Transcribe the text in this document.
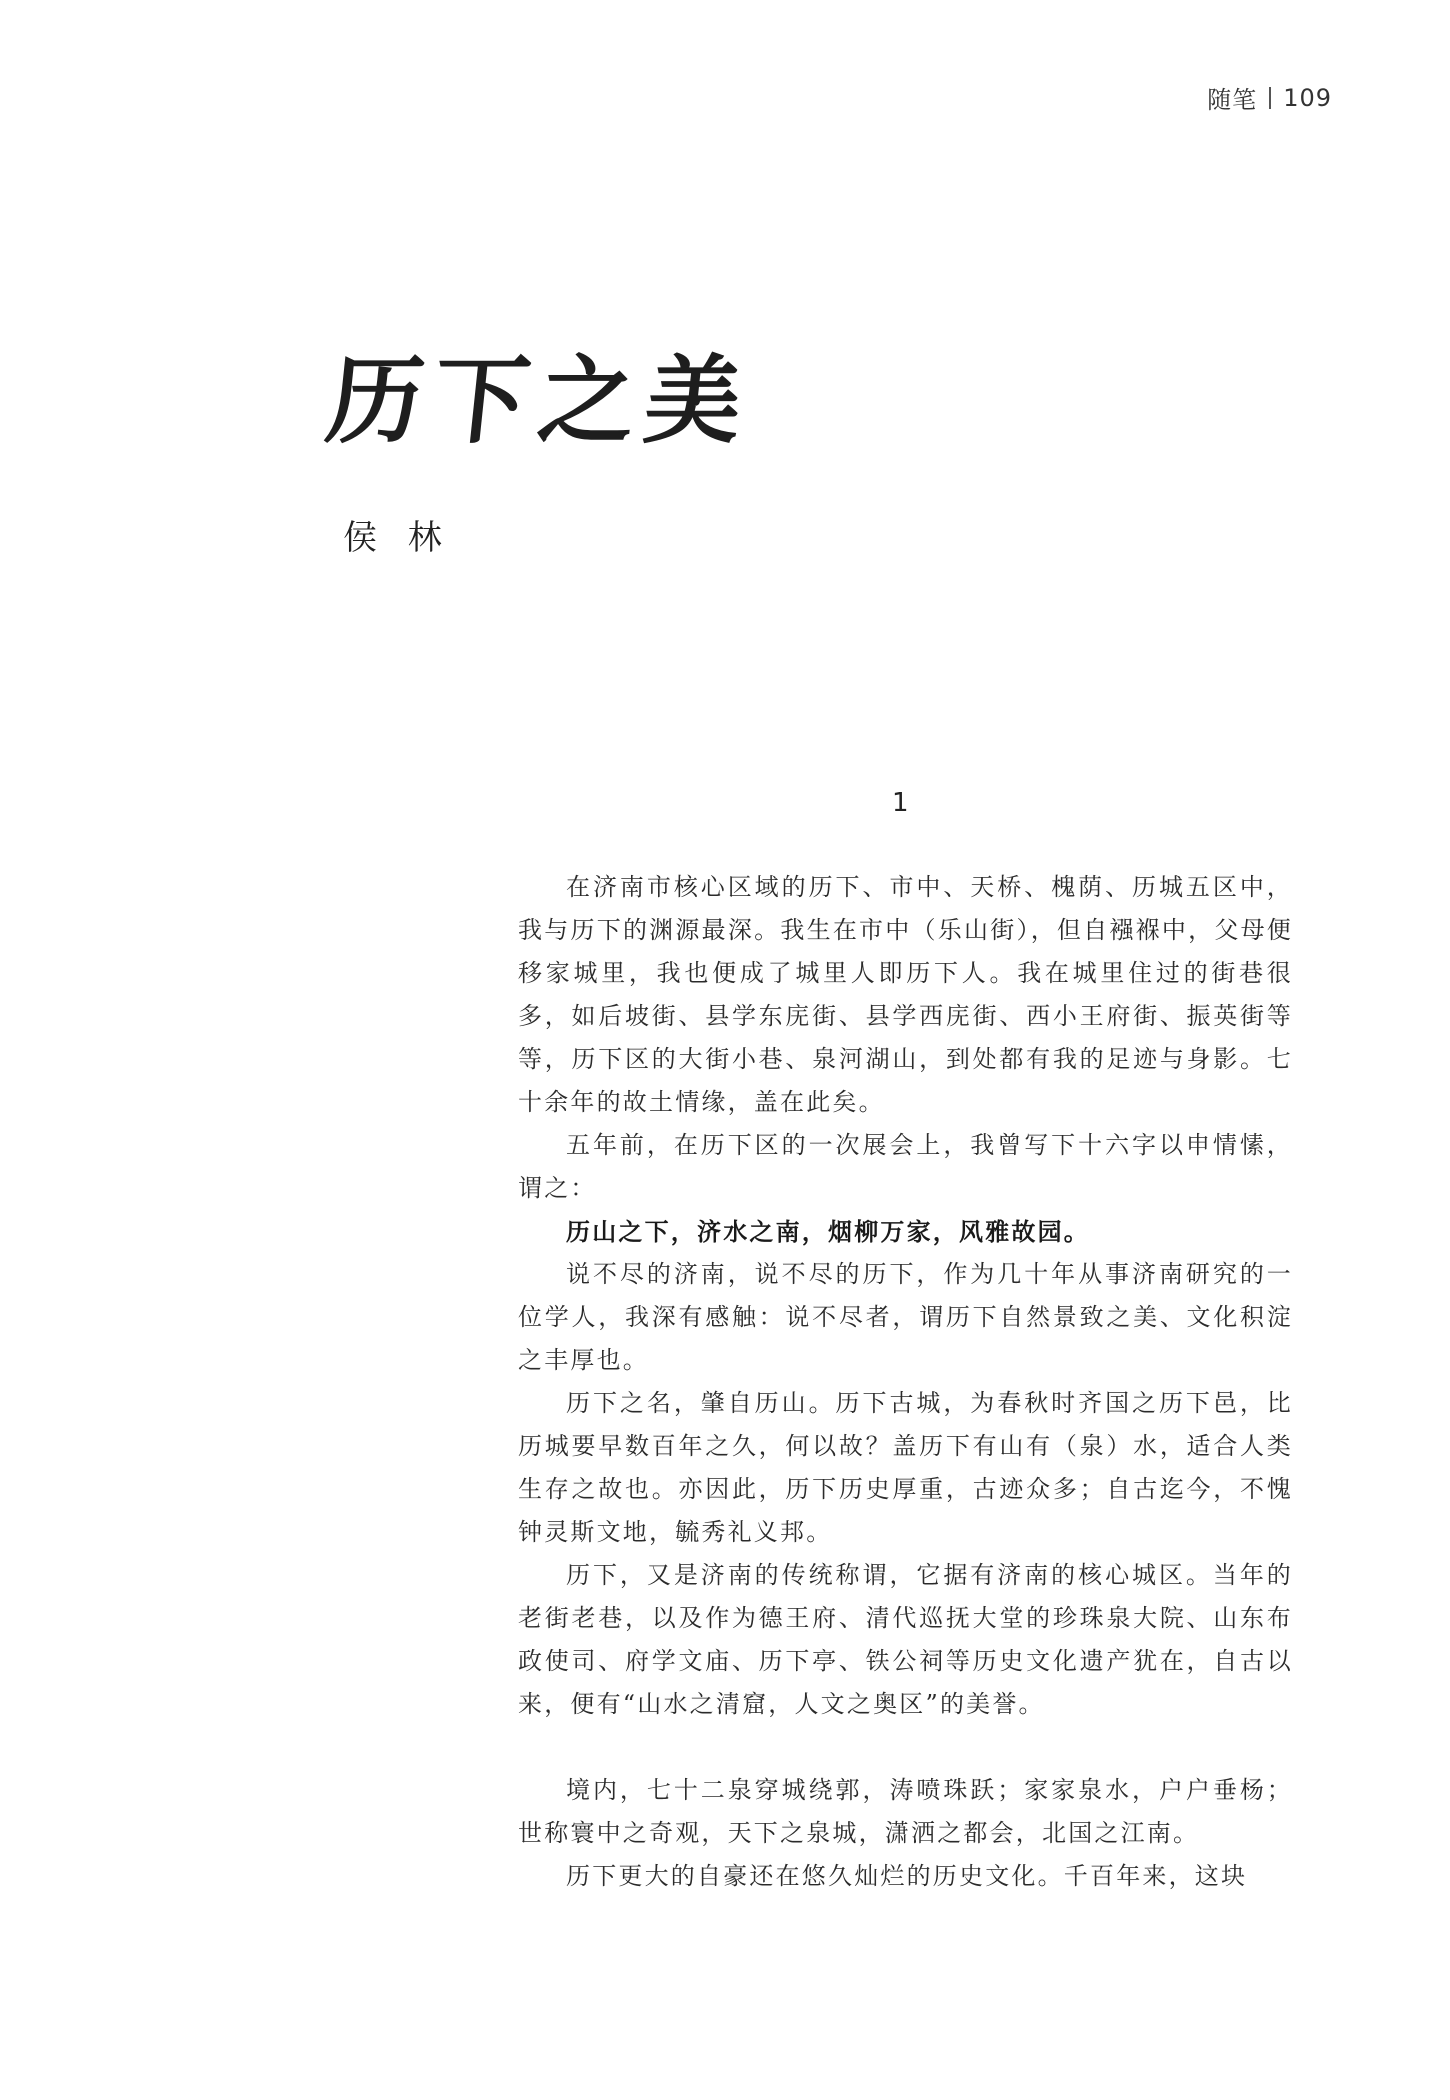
随笔 109
历下之美
侯 林
1

在济南市核心区域的历下、市中、天桥、槐荫、历城五区中，我与历下的渊源最深。我生在市中（乐山街），但自襁褓中，父母便移家城里，我也便成了城里人即历下人。我在城里住过的街巷很多，如后坡街、县学东庑街、县学西庑街、西小王府街、振英街等等，历下区的大街小巷、泉河湖山，到处都有我的足迹与身影。七十余年的故土情缘，盖在此矣。

五年前，在历下区的一次展会上，我曾写下十六字以申情愫，谓之：

历山之下，济水之南，烟柳万家，风雅故园。

说不尽的济南，说不尽的历下，作为几十年从事济南研究的一位学人，我深有感触：说不尽者，谓历下自然景致之美、文化积淀之丰厚也。

历下之名，肇自历山。历下古城，为春秋时齐国之历下邑，比历城要早数百年之久，何以故？盖历下有山有（泉）水，适合人类生存之故也。亦因此，历下历史厚重，古迹众多；自古迄今，不愧钟灵斯文地，毓秀礼义邦。

历下，又是济南的传统称谓，它据有济南的核心城区。当年的老街老巷，以及作为德王府、清代巡抚大堂的珍珠泉大院、山东布政使司、府学文庙、历下亭、铁公祠等历史文化遗产犹在，自古以来，便有“山水之清窟，人文之奥区”的美誉。

境内，七十二泉穿城绕郭，涛喷珠跃；家家泉水，户户垂杨；世称寰中之奇观，天下之泉城，潇洒之都会，北国之江南。

历下更大的自豪还在悠久灿烂的历史文化。千百年来，这块
